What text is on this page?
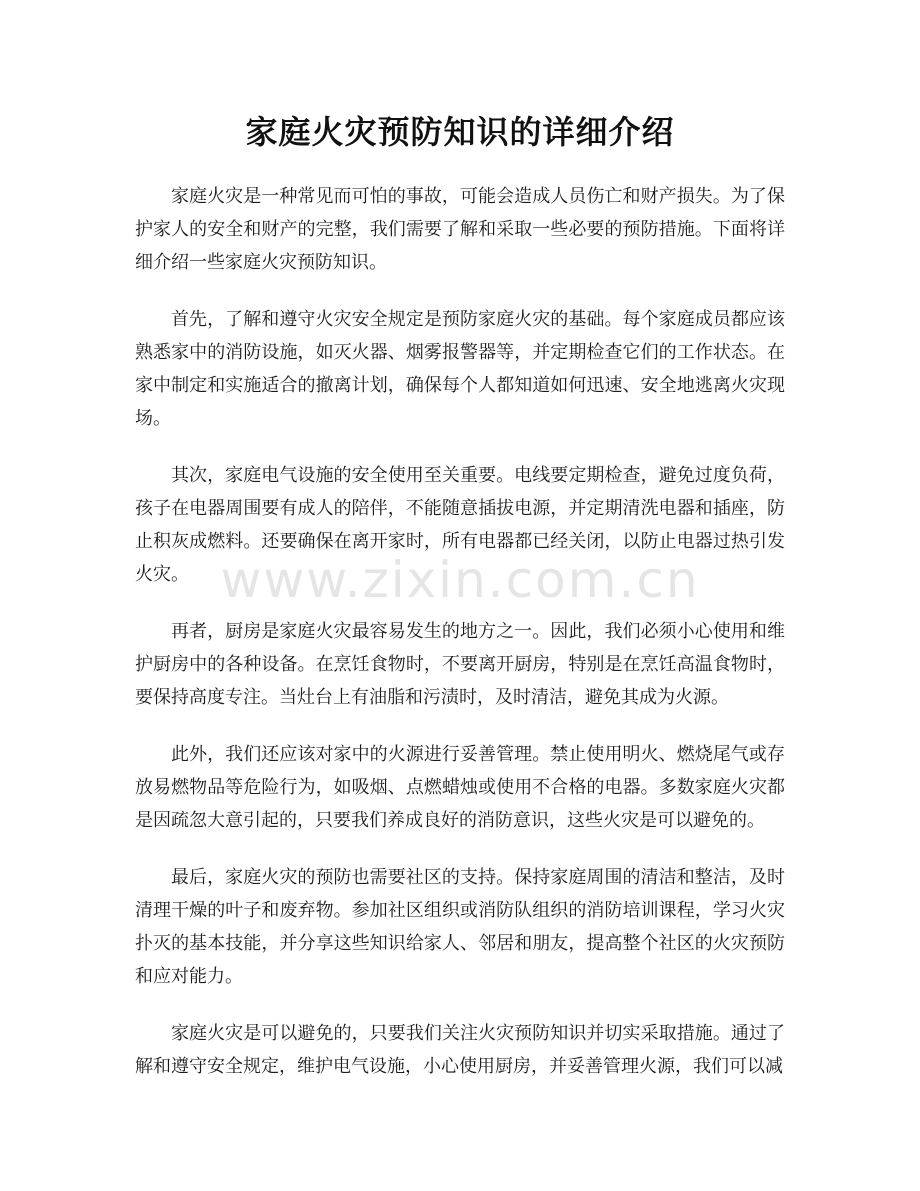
家庭火灾预防知识的详细介绍

家庭火灾是一种常见而可怕的事故，可能会造成人员伤亡和财产损失。为了保护家人的安全和财产的完整，我们需要了解和采取一些必要的预防措施。下面将详细介绍一些家庭火灾预防知识。

首先，了解和遵守火灾安全规定是预防家庭火灾的基础。每个家庭成员都应该熟悉家中的消防设施，如灭火器、烟雾报警器等，并定期检查它们的工作状态。在家中制定和实施适合的撤离计划，确保每个人都知道如何迅速、安全地逃离火灾现场。

其次，家庭电气设施的安全使用至关重要。电线要定期检查，避免过度负荷，孩子在电器周围要有成人的陪伴，不能随意插拔电源，并定期清洗电器和插座，防止积灰成燃料。还要确保在离开家时，所有电器都已经关闭，以防止电器过热引发火灾。

再者，厨房是家庭火灾最容易发生的地方之一。因此，我们必须小心使用和维护厨房中的各种设备。在烹饪食物时，不要离开厨房，特别是在烹饪高温食物时，要保持高度专注。当灶台上有油脂和污渍时，及时清洁，避免其成为火源。

此外，我们还应该对家中的火源进行妥善管理。禁止使用明火、燃烧尾气或存放易燃物品等危险行为，如吸烟、点燃蜡烛或使用不合格的电器。多数家庭火灾都是因疏忽大意引起的，只要我们养成良好的消防意识，这些火灾是可以避免的。

最后，家庭火灾的预防也需要社区的支持。保持家庭周围的清洁和整洁，及时清理干燥的叶子和废弃物。参加社区组织或消防队组织的消防培训课程，学习火灾扑灭的基本技能，并分享这些知识给家人、邻居和朋友，提高整个社区的火灾预防和应对能力。

家庭火灾是可以避免的，只要我们关注火灾预防知识并切实采取措施。通过了解和遵守安全规定，维护电气设施，小心使用厨房，并妥善管理火源，我们可以减

www.zixin.com.cn
